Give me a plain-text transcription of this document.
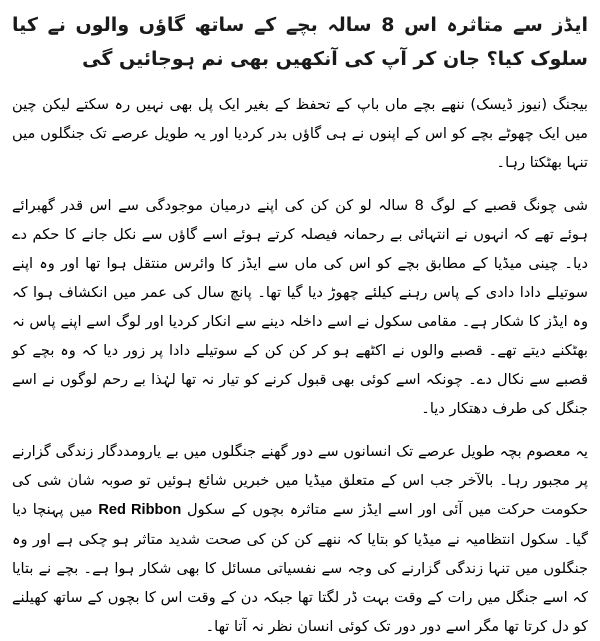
ایڈز سے متاثرہ اس 8 سالہ بچے کے ساتھ گاؤں والوں نے کیا سلوک کیا؟ جان کر آپ کی آنکھیں بھی نم ہوجائیں گی

بیجنگ (نیوز ڈیسک) ننھے بچے ماں باپ کے تحفظ کے بغیر ایک پل بھی نہیں رہ سکتے لیکن چین میں ایک چھوٹے بچے کو اس کے اپنوں نے ہی گاؤں بدر کردیا اور یہ طویل عرصے تک جنگلوں میں تنہا بھٹکتا رہا۔

شی چونگ قصبے کے لوگ 8 سالہ لو کن کن کی اپنے درمیان موجودگی سے اس قدر گھبرائے ہوئے تھے کہ انہوں نے انتہائی بے رحمانہ فیصلہ کرتے ہوئے اسے گاؤں سے نکل جانے کا حکم دے دیا۔ چینی میڈیا کے مطابق بچے کو اس کی ماں سے ایڈز کا وائرس منتقل ہوا تھا اور وہ اپنے سوتیلے دادا دادی کے پاس رہنے کیلئے چھوڑ دیا گیا تھا۔ پانچ سال کی عمر میں انکشاف ہوا کہ وہ ایڈز کا شکار ہے۔ مقامی سکول نے اسے داخلہ دینے سے انکار کردیا اور لوگ اسے اپنے پاس نہ بھٹکنے دیتے تھے۔ قصبے والوں نے اکٹھے ہو کر کن کن کے سوتیلے دادا پر زور دیا کہ وہ بچے کو قصبے سے نکال دے۔ چونکہ اسے کوئی بھی قبول کرنے کو تیار نہ تھا لہٰذا بے رحم لوگوں نے اسے جنگل کی طرف دھتکار دیا۔

یہ معصوم بچہ طویل عرصے تک انسانوں سے دور گھنے جنگلوں میں بے یارومددگار زندگی گزارنے پر مجبور رہا۔ بالآخر جب اس کے متعلق میڈیا میں خبریں شائع ہوئیں تو صوبہ شان شی کی حکومت حرکت میں آئی اور اسے ایڈز سے متاثرہ بچوں کے سکول Red Ribbon میں پہنچا دیا گیا۔ سکول انتظامیہ نے میڈیا کو بتایا کہ ننھے کن کن کی صحت شدید متاثر ہو چکی ہے اور وہ جنگلوں میں تنہا زندگی گزارنے کی وجہ سے نفسیاتی مسائل کا بھی شکار ہوا ہے۔ بچے نے بتایا کہ اسے جنگل میں رات کے وقت بہت ڈر لگتا تھا جبکہ دن کے وقت اس کا بچوں کے ساتھ کھیلنے کو دل کرتا تھا مگر اسے دور دور تک کوئی انسان نظر نہ آتا تھا۔
